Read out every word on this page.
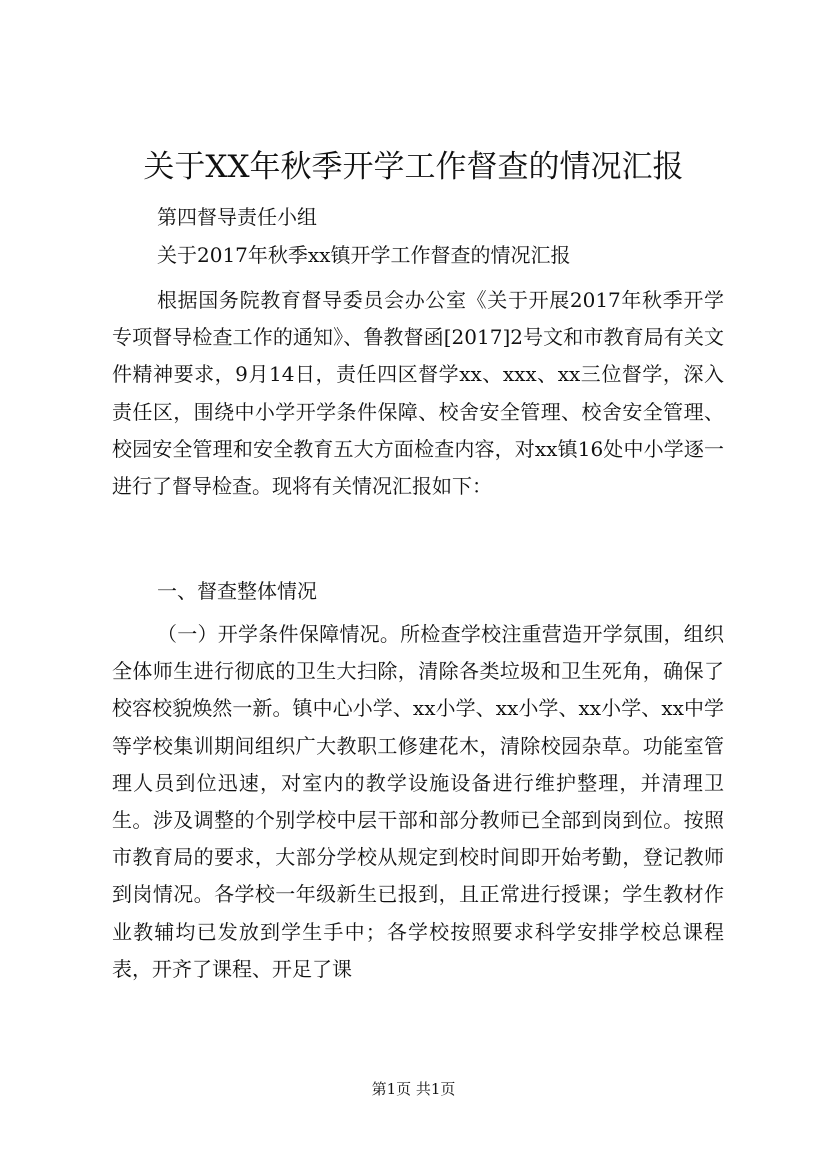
关于XX年秋季开学工作督查的情况汇报

第四督导责任小组

关于2017年秋季xx镇开学工作督查的情况汇报

根据国务院教育督导委员会办公室《关于开展2017年秋季开学专项督导检查工作的通知》、鲁教督函[2017]2号文和市教育局有关文件精神要求，9月14日，责任四区督学xx、xxx、xx三位督学，深入责任区，围绕中小学开学条件保障、校舍安全管理、校舍安全管理、校园安全管理和安全教育五大方面检查内容，对xx镇16处中小学逐一进行了督导检查。现将有关情况汇报如下：

一、督查整体情况

（一）开学条件保障情况。所检查学校注重营造开学氛围，组织全体师生进行彻底的卫生大扫除，清除各类垃圾和卫生死角，确保了校容校貌焕然一新。镇中心小学、xx小学、xx小学、xx小学、xx中学等学校集训期间组织广大教职工修建花木，清除校园杂草。功能室管理人员到位迅速，对室内的教学设施设备进行维护整理，并清理卫生。涉及调整的个别学校中层干部和部分教师已全部到岗到位。按照市教育局的要求，大部分学校从规定到校时间即开始考勤，登记教师到岗情况。各学校一年级新生已报到，且正常进行授课；学生教材作业教辅均已发放到学生手中；各学校按照要求科学安排学校总课程表，开齐了课程、开足了课

第1页 共1页
